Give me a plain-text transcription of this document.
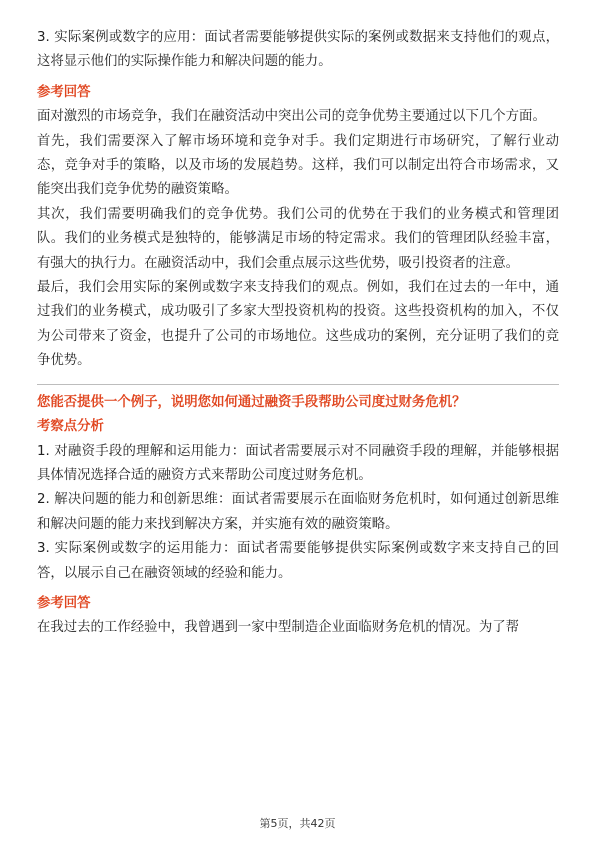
3. 实际案例或数字的应用：面试者需要能够提供实际的案例或数据来支持他们的观点，这将显示他们的实际操作能力和解决问题的能力。

参考回答

面对激烈的市场竞争，我们在融资活动中突出公司的竞争优势主要通过以下几个方面。

首先，我们需要深入了解市场环境和竞争对手。我们定期进行市场研究，了解行业动态，竞争对手的策略，以及市场的发展趋势。这样，我们可以制定出符合市场需求，又能突出我们竞争优势的融资策略。

其次，我们需要明确我们的竞争优势。我们公司的优势在于我们的业务模式和管理团队。我们的业务模式是独特的，能够满足市场的特定需求。我们的管理团队经验丰富，有强大的执行力。在融资活动中，我们会重点展示这些优势，吸引投资者的注意。

最后，我们会用实际的案例或数字来支持我们的观点。例如，我们在过去的一年中，通过我们的业务模式，成功吸引了多家大型投资机构的投资。这些投资机构的加入，不仅为公司带来了资金，也提升了公司的市场地位。这些成功的案例，充分证明了我们的竞争优势。

您能否提供一个例子，说明您如何通过融资手段帮助公司度过财务危机？

考察点分析

1. 对融资手段的理解和运用能力：面试者需要展示对不同融资手段的理解，并能够根据具体情况选择合适的融资方式来帮助公司度过财务危机。

2. 解决问题的能力和创新思维：面试者需要展示在面临财务危机时，如何通过创新思维和解决问题的能力来找到解决方案，并实施有效的融资策略。

3. 实际案例或数字的运用能力：面试者需要能够提供实际案例或数字来支持自己的回答，以展示自己在融资领域的经验和能力。

参考回答

在我过去的工作经验中，我曾遇到一家中型制造企业面临财务危机的情况。为了帮

第5页，共42页
